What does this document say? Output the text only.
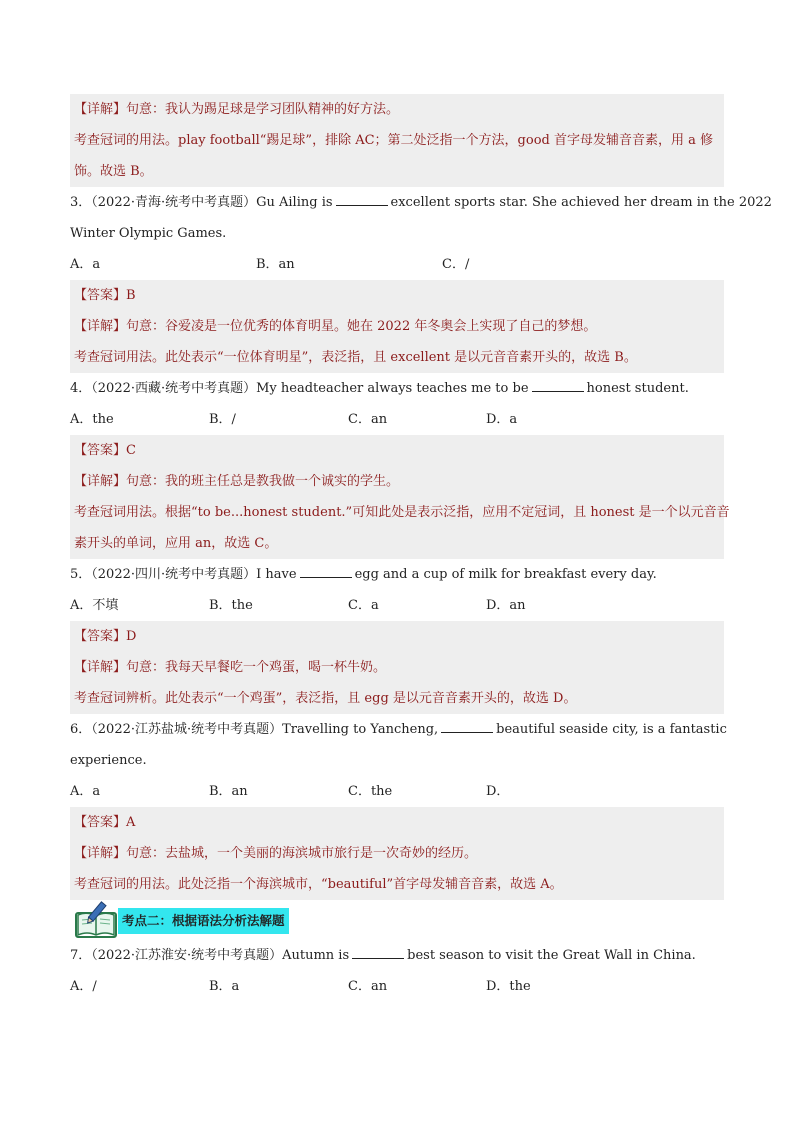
【详解】句意：我认为踢足球是学习团队精神的好方法。
考查冠词的用法。play football“踢足球”，排除 AC；第二处泛指一个方法，good 首字母发辅音音素，用 a 修
饰。故选 B。
3．（2022·青海·统考中考真题）Gu Ailing is	excellent sports star. She achieved her dream in the 2022
Winter Olympic Games.
A．a	B．an	C．/
【答案】B
【详解】句意：谷爱凌是一位优秀的体育明星。她在 2022 年冬奥会上实现了自己的梦想。
考查冠词用法。此处表示“一位体育明星”，表泛指，且 excellent 是以元音音素开头的，故选 B。
4．（2022·西藏·统考中考真题）My headteacher always teaches me to be	honest student.
A．the	B．/	C．an	D．a
【答案】C
【详解】句意：我的班主任总是教我做一个诚实的学生。
考查冠词用法。根据“to be...honest student.”可知此处是表示泛指，应用不定冠词，且 honest 是一个以元音音
素开头的单词，应用 an，故选 C。
5．（2022·四川·统考中考真题）I have	egg and a cup of milk for breakfast every day.
A．不填	B．the	C．a	D．an
【答案】D
【详解】句意：我每天早餐吃一个鸡蛋，喝一杯牛奶。
考查冠词辨析。此处表示“一个鸡蛋”，表泛指，且 egg 是以元音音素开头的，故选 D。
6．（2022·江苏盐城·统考中考真题）Travelling to Yancheng,	beautiful seaside city, is a fantastic
experience.
A．a	B．an	C．the	D．
【答案】A
【详解】句意：去盐城，一个美丽的海滨城市旅行是一次奇妙的经历。
考查冠词的用法。此处泛指一个海滨城市，“beautiful”首字母发辅音音素，故选 A。
考点二：根据语法分析法解题
7．（2022·江苏淮安·统考中考真题）Autumn is	best season to visit the Great Wall in China.
A．/	B．a	C．an	D．the
